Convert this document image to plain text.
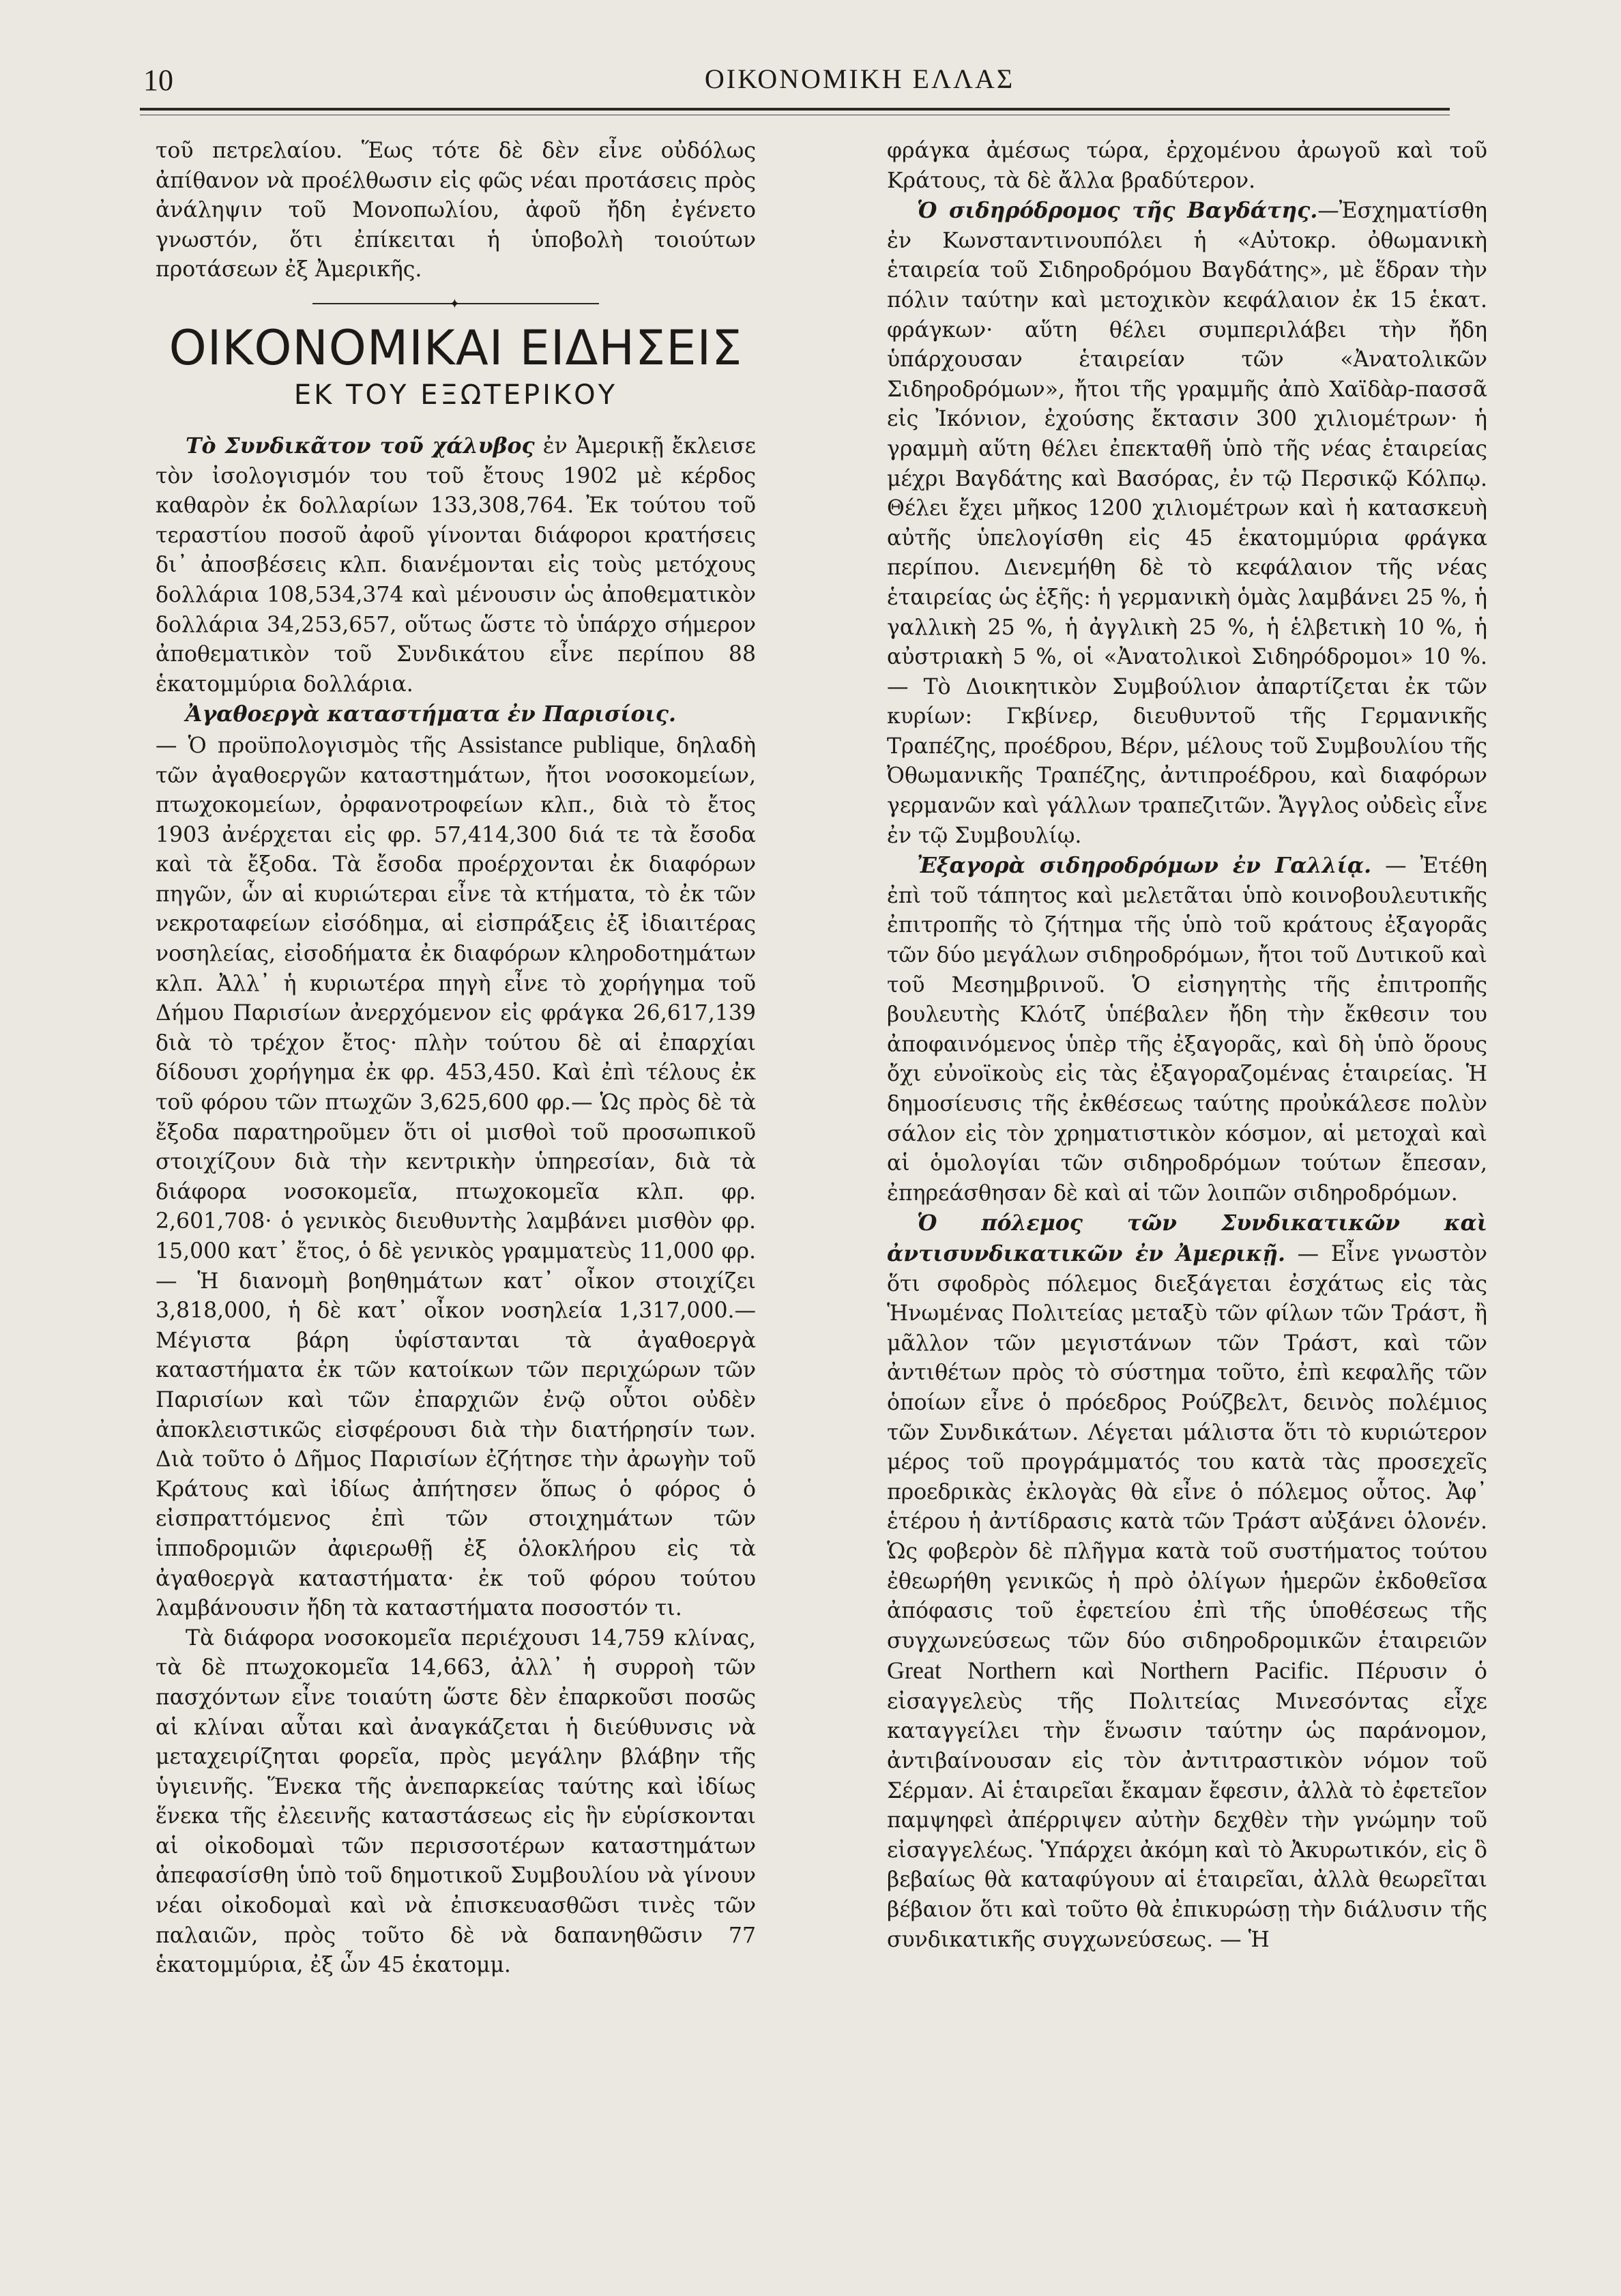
10	ΟΙΚΟΝΟΜΙΚΗ ΕΛΛΑΣ

τοῦ πετρελαίου. Ἕως τότε δὲ δὲν εἶνε οὐδόλως ἀπίθανον νὰ προέλθωσιν εἰς φῶς νέαι προτάσεις πρὸς ἀνάληψιν τοῦ Μονοπωλίου, ἀφοῦ ἤδη ἐγένετο γνωστόν, ὅτι ἐπίκειται ἡ ὑποβολὴ τοιούτων προτάσεων ἐξ Ἀμερικῆς.

✦
ΟΙΚΟΝΟΜΙΚΑΙ ΕΙΔΗΣΕΙΣ
ΕΚ ΤΟΥ ΕΞΩΤΕΡΙΚΟΥ

Τὸ Συνδικᾶτον τοῦ χάλυβος ἐν Ἀμερικῇ ἔκλεισε τὸν ἰσολογισμόν του τοῦ ἔτους 1902 μὲ κέρδος καθαρὸν ἐκ δολλαρίων 133,308,764. Ἐκ τούτου τοῦ τεραστίου ποσοῦ ἀφοῦ γίνονται διάφοροι κρατήσεις δι᾽ ἀποσβέσεις κλπ. διανέμονται εἰς τοὺς μετόχους δολλάρια 108,534,374 καὶ μένουσιν ὡς ἀποθεματικὸν δολλάρια 34,253,657, οὕτως ὥστε τὸ ὑπάρχο σήμερον ἀποθεματικὸν τοῦ Συνδικάτου εἶνε περίπου 88 ἑκατομμύρια δολλάρια.

Ἀγαθοεργὰ καταστήματα ἐν Παρισίοις.

— Ὁ προϋπολογισμὸς τῆς Assistance publique, δηλαδὴ τῶν ἀγαθοεργῶν καταστημάτων, ἤτοι νοσοκομείων, πτωχοκομείων, ὀρφανοτροφείων κλπ., διὰ τὸ ἔτος 1903 ἀνέρχεται εἰς φρ. 57,414,300 διά τε τὰ ἔσοδα καὶ τὰ ἔξοδα. Τὰ ἔσοδα προέρχονται ἐκ διαφόρων πηγῶν, ὧν αἱ κυριώτεραι εἶνε τὰ κτήματα, τὸ ἐκ τῶν νεκροταφείων εἰσόδημα, αἱ εἰσπράξεις ἐξ ἰδιαιτέρας νοσηλείας, εἰσοδήματα ἐκ διαφόρων κληροδοτημάτων κλπ. Ἀλλ᾽ ἡ κυριωτέρα πηγὴ εἶνε τὸ χορήγημα τοῦ Δήμου Παρισίων ἀνερχόμενον εἰς φράγκα 26,617,139 διὰ τὸ τρέχον ἔτος· πλὴν τούτου δὲ αἱ ἐπαρχίαι δίδουσι χορήγημα ἐκ φρ. 453,450. Καὶ ἐπὶ τέλους ἐκ τοῦ φόρου τῶν πτωχῶν 3,625,600 φρ.— Ὡς πρὸς δὲ τὰ ἔξοδα παρατηροῦμεν ὅτι οἱ μισθοὶ τοῦ προσωπικοῦ στοιχίζουν διὰ τὴν κεντρικὴν ὑπηρεσίαν, διὰ τὰ διάφορα νοσοκομεῖα, πτωχοκομεῖα κλπ. φρ. 2,601,708· ὁ γενικὸς διευθυντὴς λαμβάνει μισθὸν φρ. 15,000 κατ᾽ ἔτος, ὁ δὲ γενικὸς γραμματεὺς 11,000 φρ. — Ἡ διανομὴ βοηθημάτων κατ᾽ οἶκον στοιχίζει 3,818,000, ἡ δὲ κατ᾽ οἶκον νοσηλεία 1,317,000.— Μέγιστα βάρη ὑφίστανται τὰ ἀγαθοεργὰ καταστήματα ἐκ τῶν κατοίκων τῶν περιχώρων τῶν Παρισίων καὶ τῶν ἐπαρχιῶν ἐνῷ οὗτοι οὐδὲν ἀποκλειστικῶς εἰσφέρουσι διὰ τὴν διατήρησίν των. Διὰ τοῦτο ὁ Δῆμος Παρισίων ἐζήτησε τὴν ἀρωγὴν τοῦ Κράτους καὶ ἰδίως ἀπήτησεν ὅπως ὁ φόρος ὁ εἰσπραττόμενος ἐπὶ τῶν στοιχημάτων τῶν ἱπποδρομιῶν ἀφιερωθῇ ἐξ ὁλοκλήρου εἰς τὰ ἀγαθοεργὰ καταστήματα· ἐκ τοῦ φόρου τούτου λαμβάνουσιν ἤδη τὰ καταστήματα ποσοστόν τι.

Τὰ διάφορα νοσοκομεῖα περιέχουσι 14,759 κλίνας, τὰ δὲ πτωχοκομεῖα 14,663, ἀλλ᾽ ἡ συρροὴ τῶν πασχόντων εἶνε τοιαύτη ὥστε δὲν ἐπαρκοῦσι ποσῶς αἱ κλίναι αὗται καὶ ἀναγκάζεται ἡ διεύθυνσις νὰ μεταχειρίζηται φορεῖα, πρὸς μεγάλην βλάβην τῆς ὑγιεινῆς. Ἕνεκα τῆς ἀνεπαρκείας ταύτης καὶ ἰδίως ἕνεκα τῆς ἐλεεινῆς καταστάσεως εἰς ἣν εὑρίσκονται αἱ οἰκοδομαὶ τῶν περισσοτέρων καταστημάτων ἀπεφασίσθη ὑπὸ τοῦ δημοτικοῦ Συμβουλίου νὰ γίνουν νέαι οἰκοδομαὶ καὶ νὰ ἐπισκευασθῶσι τινὲς τῶν παλαιῶν, πρὸς τοῦτο δὲ νὰ δαπανηθῶσιν 77 ἑκατομμύρια, ἐξ ὧν 45 ἑκατομμ.

φράγκα ἀμέσως τώρα, ἐρχομένου ἀρωγοῦ καὶ τοῦ Κράτους, τὰ δὲ ἄλλα βραδύτερον.

Ὁ σιδηρόδρομος τῆς Βαγδάτης.—Ἐσχηματίσθη ἐν Κωνσταντινουπόλει ἡ «Αὐτοκρ. ὀθωμανικὴ ἑταιρεία τοῦ Σιδηροδρόμου Βαγδάτης», μὲ ἕδραν τὴν πόλιν ταύτην καὶ μετοχικὸν κεφάλαιον ἐκ 15 ἑκατ. φράγκων· αὕτη θέλει συμπεριλάβει τὴν ἤδη ὑπάρχουσαν ἑταιρείαν τῶν «Ἀνατολικῶν Σιδηροδρόμων», ἤτοι τῆς γραμμῆς ἀπὸ Χαϊδὰρ-πασσᾶ εἰς Ἰκόνιον, ἐχούσης ἔκτασιν 300 χιλιομέτρων· ἡ γραμμὴ αὕτη θέλει ἐπεκταθῆ ὑπὸ τῆς νέας ἑταιρείας μέχρι Βαγδάτης καὶ Βασόρας, ἐν τῷ Περσικῷ Κόλπῳ. Θέλει ἔχει μῆκος 1200 χιλιομέτρων καὶ ἡ κατασκευὴ αὐτῆς ὑπελογίσθη εἰς 45 ἑκατομμύρια φράγκα περίπου. Διενεμήθη δὲ τὸ κεφάλαιον τῆς νέας ἑταιρείας ὡς ἑξῆς: ἡ γερμανικὴ ὁμὰς λαμβάνει 25 %, ἡ γαλλικὴ 25 %, ἡ ἀγγλικὴ 25 %, ἡ ἑλβετικὴ 10 %, ἡ αὐστριακὴ 5 %, οἱ «Ἀνατολικοὶ Σιδηρόδρομοι» 10 %. — Τὸ Διοικητικὸν Συμβούλιον ἀπαρτίζεται ἐκ τῶν κυρίων: Γκβίνερ, διευθυντοῦ τῆς Γερμανικῆς Τραπέζης, προέδρου, Βέρν, μέλους τοῦ Συμβουλίου τῆς Ὀθωμανικῆς Τραπέζης, ἀντιπροέδρου, καὶ διαφόρων γερμανῶν καὶ γάλλων τραπεζιτῶν. Ἄγγλος οὐδεὶς εἶνε ἐν τῷ Συμβουλίῳ.

Ἐξαγορὰ σιδηροδρόμων ἐν Γαλλίᾳ. — Ἐτέθη ἐπὶ τοῦ τάπητος καὶ μελετᾶται ὑπὸ κοινοβουλευτικῆς ἐπιτροπῆς τὸ ζήτημα τῆς ὑπὸ τοῦ κράτους ἐξαγορᾶς τῶν δύο μεγάλων σιδηροδρόμων, ἤτοι τοῦ Δυτικοῦ καὶ τοῦ Μεσημβρινοῦ. Ὁ εἰσηγητὴς τῆς ἐπιτροπῆς βουλευτὴς Κλότζ ὑπέβαλεν ἤδη τὴν ἔκθεσιν του ἀποφαινόμενος ὑπὲρ τῆς ἐξαγορᾶς, καὶ δὴ ὑπὸ ὅρους ὄχι εὐνοϊκοὺς εἰς τὰς ἐξαγοραζομένας ἑταιρείας. Ἡ δημοσίευσις τῆς ἐκθέσεως ταύτης προὐκάλεσε πολὺν σάλον εἰς τὸν χρηματιστικὸν κόσμον, αἱ μετοχαὶ καὶ αἱ ὁμολογίαι τῶν σιδηροδρόμων τούτων ἔπεσαν, ἐπηρεάσθησαν δὲ καὶ αἱ τῶν λοιπῶν σιδηροδρόμων.

Ὁ πόλεμος τῶν Συνδικατικῶν καὶ ἀντισυνδικατικῶν ἐν Ἀμερικῇ. — Εἶνε γνωστὸν ὅτι σφοδρὸς πόλεμος διεξάγεται ἐσχάτως εἰς τὰς Ἡνωμένας Πολιτείας μεταξὺ τῶν φίλων τῶν Τράστ, ἢ μᾶλλον τῶν μεγιστάνων τῶν Τράστ, καὶ τῶν ἀντιθέτων πρὸς τὸ σύστημα τοῦτο, ἐπὶ κεφαλῆς τῶν ὁποίων εἶνε ὁ πρόεδρος Ρούζβελτ, δεινὸς πολέμιος τῶν Συνδικάτων. Λέγεται μάλιστα ὅτι τὸ κυριώτερον μέρος τοῦ προγράμματός του κατὰ τὰς προσεχεῖς προεδρικὰς ἐκλογὰς θὰ εἶνε ὁ πόλεμος οὗτος. Ἀφ᾽ ἑτέρου ἡ ἀντίδρασις κατὰ τῶν Τράστ αὐξάνει ὁλονέν. Ὡς φοβερὸν δὲ πλῆγμα κατὰ τοῦ συστήματος τούτου ἐθεωρήθη γενικῶς ἡ πρὸ ὀλίγων ἡμερῶν ἐκδοθεῖσα ἀπόφασις τοῦ ἐφετείου ἐπὶ τῆς ὑποθέσεως τῆς συγχωνεύσεως τῶν δύο σιδηροδρομικῶν ἑταιρειῶν Great Northern καὶ Northern Pacific. Πέρυσιν ὁ εἰσαγγελεὺς τῆς Πολιτείας Μινεσόντας εἶχε καταγγείλει τὴν ἕνωσιν ταύτην ὡς παράνομον, ἀντιβαίνουσαν εἰς τὸν ἀντιτραστικὸν νόμον τοῦ Σέρμαν. Αἱ ἑταιρεῖαι ἔκαμαν ἔφεσιν, ἀλλὰ τὸ ἐφετεῖον παμψηφεὶ ἀπέρριψεν αὐτὴν δεχθὲν τὴν γνώμην τοῦ εἰσαγγελέως. Ὑπάρχει ἀκόμη καὶ τὸ Ἀκυρωτικόν, εἰς ὃ βεβαίως θὰ καταφύγουν αἱ ἑταιρεῖαι, ἀλλὰ θεωρεῖται βέβαιον ὅτι καὶ τοῦτο θὰ ἐπικυρώσῃ τὴν διάλυσιν τῆς συνδικατικῆς συγχωνεύσεως. — Ἡ
